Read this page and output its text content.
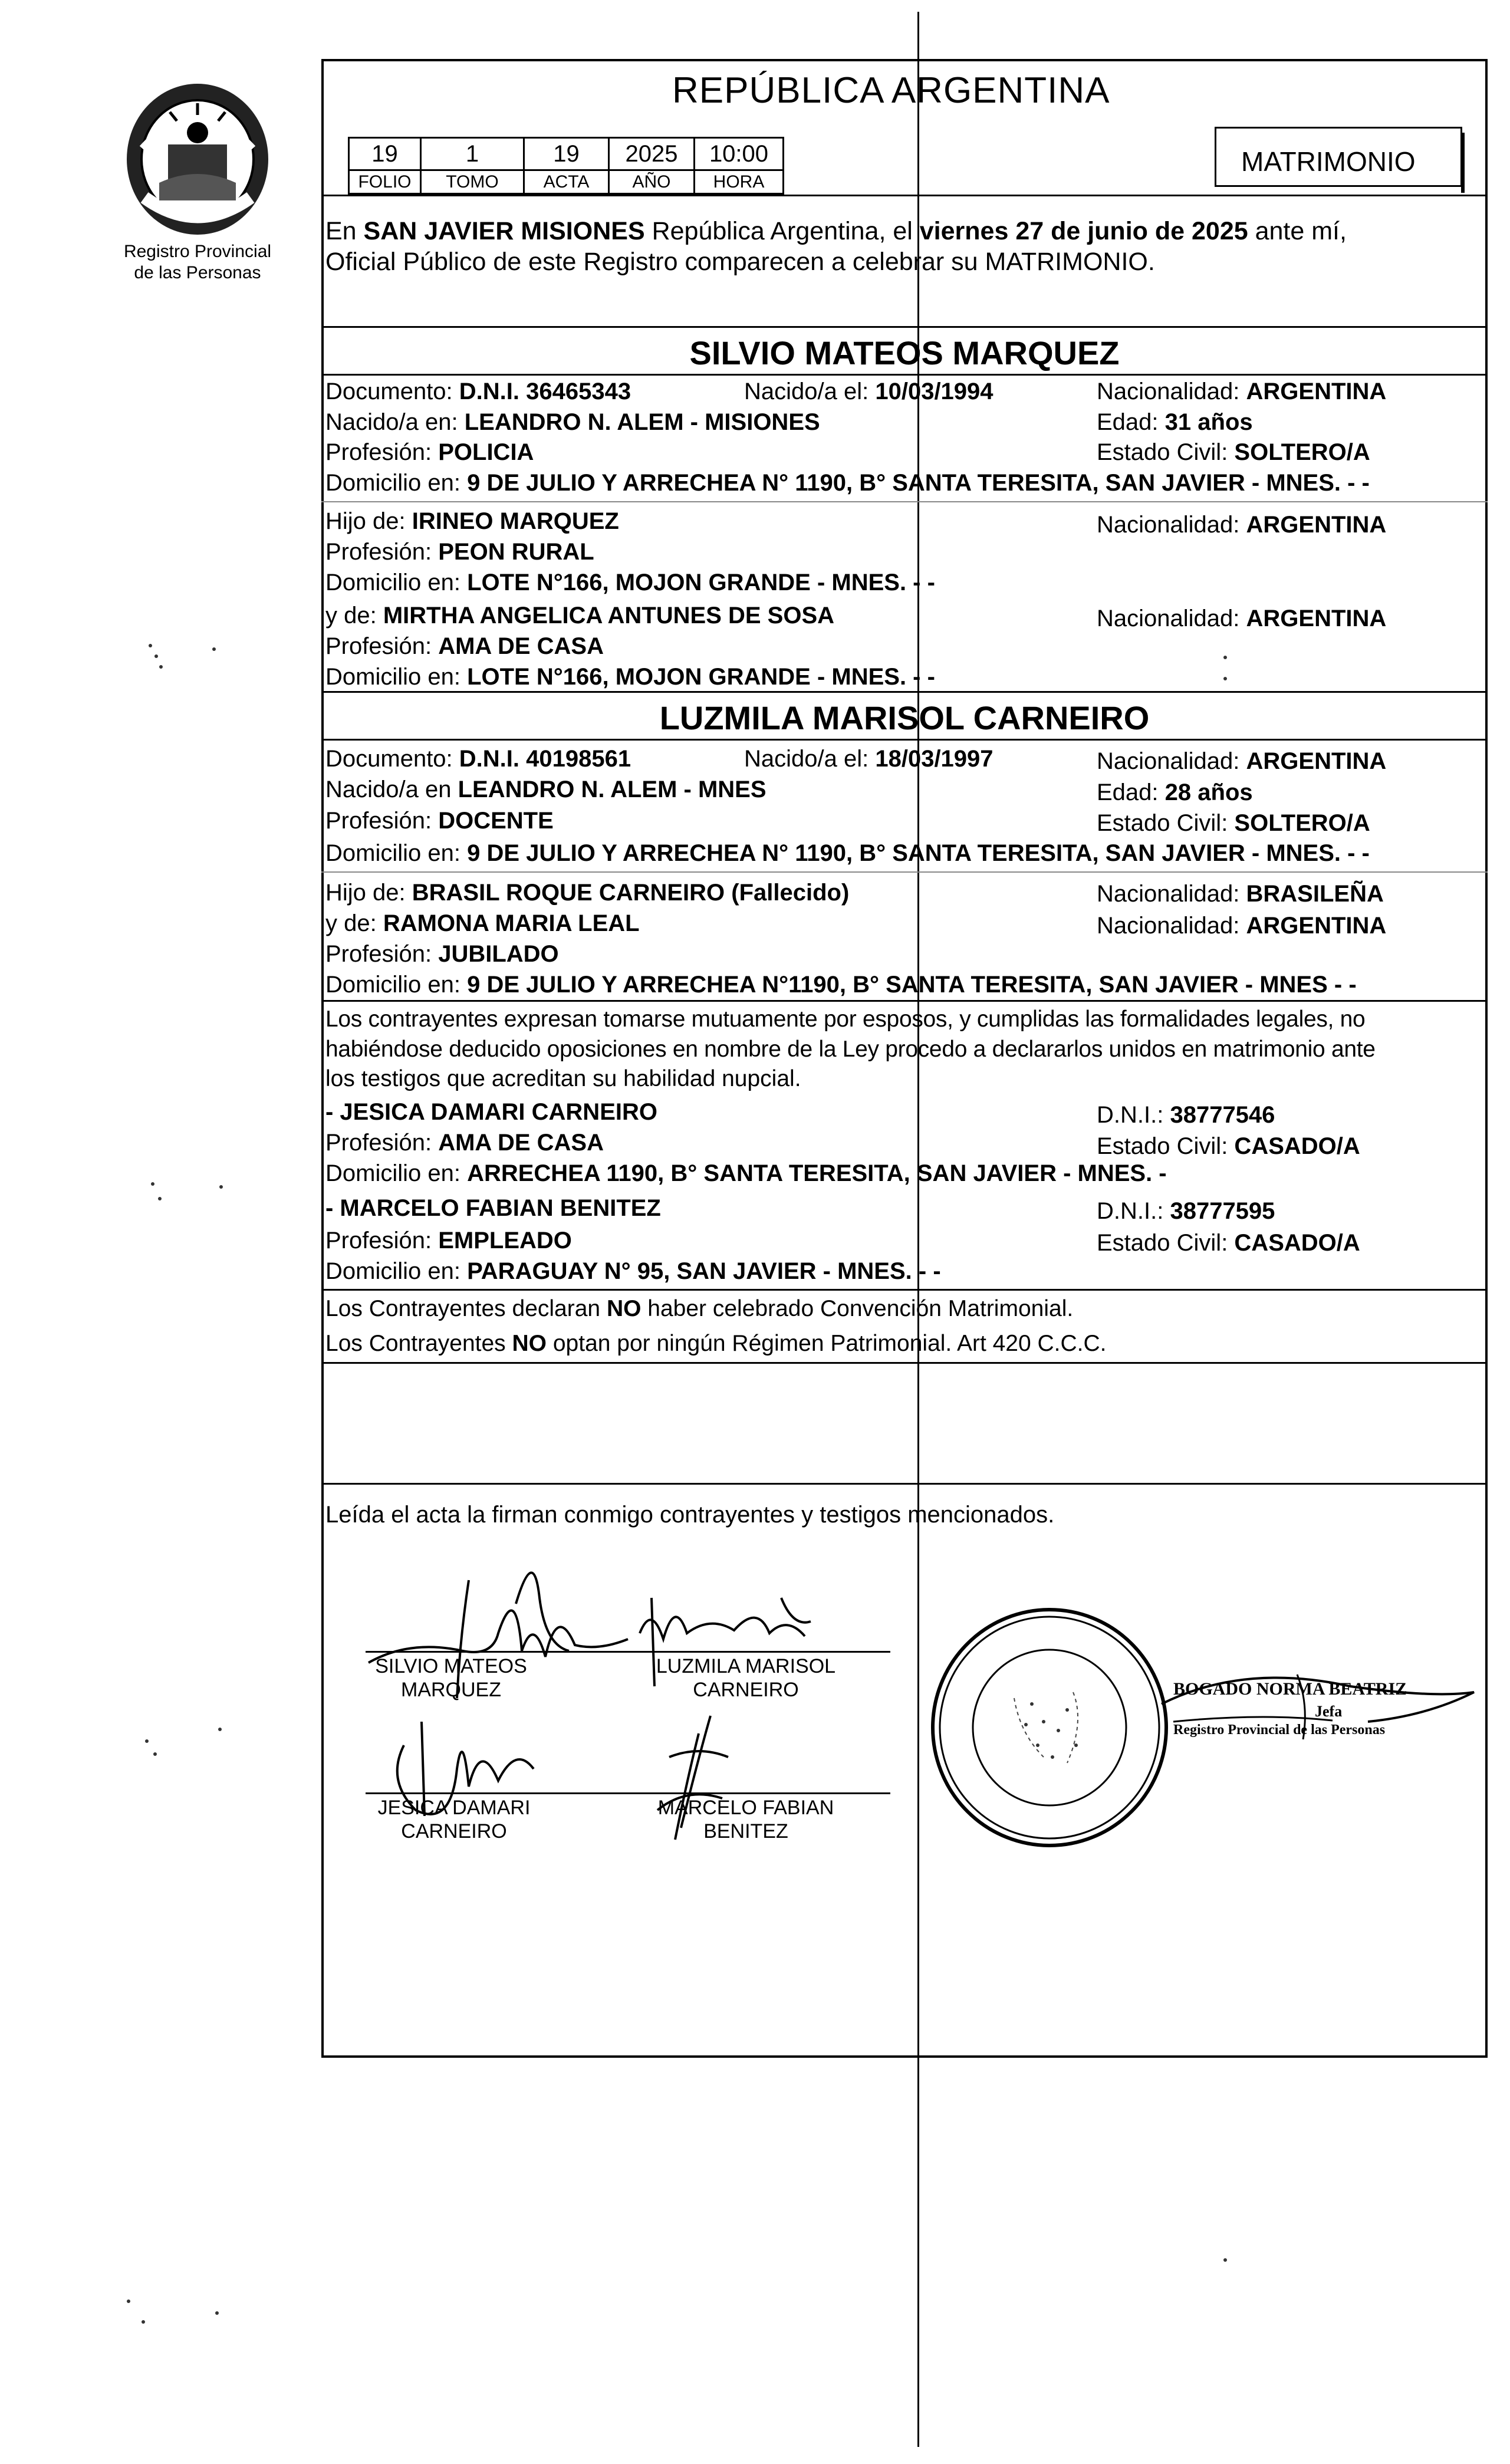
Registro Provincial
de las Personas
REPÚBLICA ARGENTINA
19	1	19	2025	10:00
FOLIO	TOMO	ACTA	AÑO	HORA
MATRIMONIO
En SAN JAVIER MISIONES República Argentina, el viernes 27 de junio de 2025 ante mí,
Oficial Público de este Registro comparecen a celebrar su MATRIMONIO.
SILVIO MATEOS MARQUEZ
Documento: D.N.I. 36465343	Nacido/a el: 10/03/1994	Nacionalidad: ARGENTINA
Nacido/a en: LEANDRO N. ALEM - MISIONES	Edad: 31 años
Profesión: POLICIA	Estado Civil: SOLTERO/A
Domicilio en: 9 DE JULIO Y ARRECHEA N° 1190, B° SANTA TERESITA, SAN JAVIER - MNES. - -
Hijo de: IRINEO MARQUEZ	Nacionalidad: ARGENTINA
Profesión: PEON RURAL
Domicilio en: LOTE N°166, MOJON GRANDE - MNES. - -
y de: MIRTHA ANGELICA ANTUNES DE SOSA	Nacionalidad: ARGENTINA
Profesión: AMA DE CASA
Domicilio en: LOTE N°166, MOJON GRANDE - MNES. - -
LUZMILA MARISOL CARNEIRO
Documento: D.N.I. 40198561	Nacido/a el: 18/03/1997	Nacionalidad: ARGENTINA
Nacido/a en LEANDRO N. ALEM - MNES	Edad: 28 años
Profesión: DOCENTE	Estado Civil: SOLTERO/A
Domicilio en: 9 DE JULIO Y ARRECHEA N° 1190, B° SANTA TERESITA, SAN JAVIER - MNES. - -
Hijo de: BRASIL ROQUE CARNEIRO (Fallecido)	Nacionalidad: BRASILEÑA
y de: RAMONA MARIA LEAL	Nacionalidad: ARGENTINA
Profesión: JUBILADO
Domicilio en: 9 DE JULIO Y ARRECHEA N°1190, B° SANTA TERESITA, SAN JAVIER - MNES - -
Los contrayentes expresan tomarse mutuamente por esposos, y cumplidas las formalidades legales, no
habiéndose deducido oposiciones en nombre de la Ley procedo a declararlos unidos en matrimonio ante
los testigos que acreditan su habilidad nupcial.
- JESICA DAMARI CARNEIRO	D.N.I.: 38777546
Profesión: AMA DE CASA	Estado Civil: CASADO/A
Domicilio en: ARRECHEA 1190, B° SANTA TERESITA, SAN JAVIER - MNES. -
- MARCELO FABIAN BENITEZ	D.N.I.: 38777595
Profesión: EMPLEADO	Estado Civil: CASADO/A
Domicilio en: PARAGUAY N° 95, SAN JAVIER - MNES. - -
Los Contrayentes declaran NO haber celebrado Convención Matrimonial.
Los Contrayentes NO optan por ningún Régimen Patrimonial. Art 420 C.C.C.
Leída el acta la firman conmigo contrayentes y testigos mencionados.
SILVIO MATEOS
MARQUEZ
LUZMILA MARISOL
CARNEIRO
JESICA DAMARI
CARNEIRO
MARCELO FABIAN
BENITEZ
BOGADO NORMA BEATRIZ
Jefa
Registro Provincial de las Personas
